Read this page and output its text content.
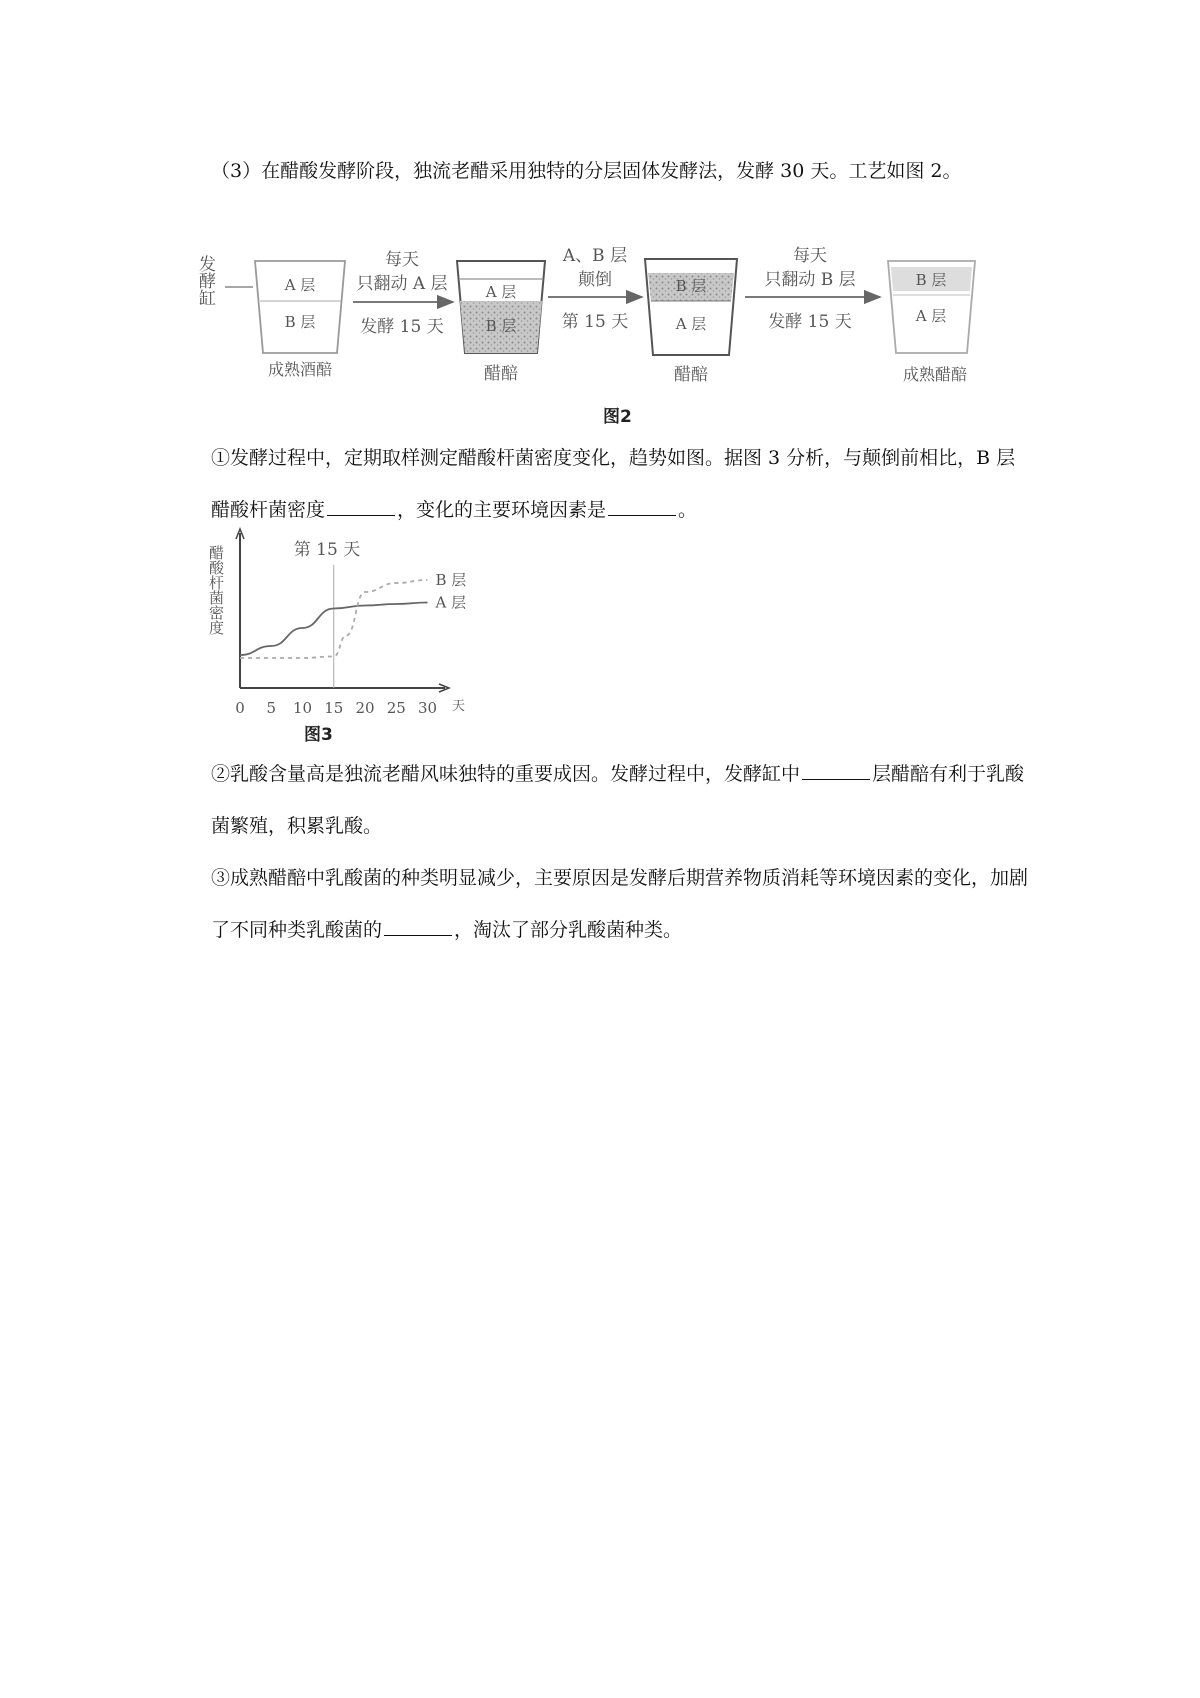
（3）在醋酸发酵阶段，独流老醋采用独特的分层固体发酵法，发酵 30 天。工艺如图 2。

发酵缸	A 层
B 层
成熟酒醅
每天
只翻动 A 层
发酵 15 天
A 层
B 层
醋醅
A、B 层
颠倒
第 15 天
B 层
A 层
醋醅
每天
只翻动 B 层
发酵 15 天
B 层
A 层
成熟醋醅
图2

①发酵过程中，定期取样测定醋酸杆菌密度变化，趋势如图。据图 3 分析，与颠倒前相比，B 层醋酸杆菌密度	，变化的主要环境因素是	。

醋酸杆菌密度
0 5 10 15 20 25 30 天
第 15 天
A 层
B 层
图3

②乳酸含量高是独流老醋风味独特的重要成因。发酵过程中，发酵缸中	层醋醅有利于乳酸菌繁殖，积累乳酸。

③成熟醋醅中乳酸菌的种类明显减少，主要原因是发酵后期营养物质消耗等环境因素的变化，加剧了不同种类乳酸菌的	，淘汰了部分乳酸菌种类。
